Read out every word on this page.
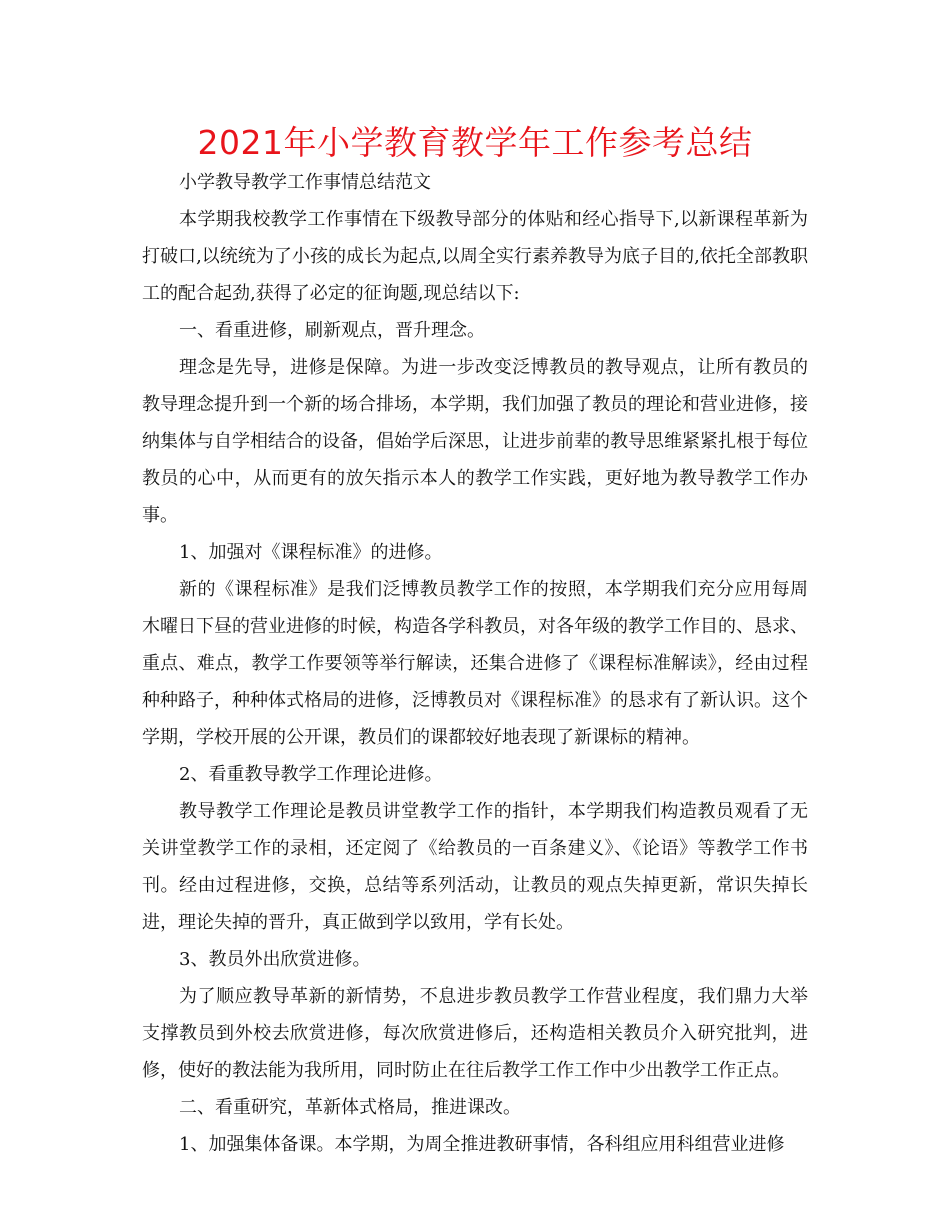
2021年小学教育教学年工作参考总结

小学教导教学工作事情总结范文

本学期我校教学工作事情在下级教导部分的体贴和经心指导下,以新课程革新为打破口,以统统为了小孩的成长为起点,以周全实行素养教导为底子目的,依托全部教职工的配合起劲,获得了必定的征询题,现总结以下:

一、看重进修，刷新观点，晋升理念。

理念是先导，进修是保障。为进一步改变泛博教员的教导观点，让所有教员的教导理念提升到一个新的场合排场，本学期，我们加强了教员的理论和营业进修，接纳集体与自学相结合的设备，倡始学后深思，让进步前辈的教导思维紧紧扎根于每位教员的心中，从而更有的放矢指示本人的教学工作实践，更好地为教导教学工作办事。

1、加强对《课程标准》的进修。

新的《课程标准》是我们泛博教员教学工作的按照，本学期我们充分应用每周木曜日下昼的营业进修的时候，构造各学科教员，对各年级的教学工作目的、恳求、重点、难点，教学工作要领等举行解读，还集合进修了《课程标准解读》，经由过程种种路子，种种体式格局的进修，泛博教员对《课程标准》的恳求有了新认识。这个学期，学校开展的公开课，教员们的课都较好地表现了新课标的精神。

2、看重教导教学工作理论进修。

教导教学工作理论是教员讲堂教学工作的指针，本学期我们构造教员观看了无关讲堂教学工作的录相，还定阅了《给教员的一百条建义》、《论语》等教学工作书刊。经由过程进修，交换，总结等系列活动，让教员的观点失掉更新，常识失掉长进，理论失掉的晋升，真正做到学以致用，学有长处。

3、教员外出欣赏进修。

为了顺应教导革新的新情势，不息进步教员教学工作营业程度，我们鼎力大举支撑教员到外校去欣赏进修，每次欣赏进修后，还构造相关教员介入研究批判，进修，使好的教法能为我所用，同时防止在往后教学工作工作中少出教学工作正点。

二、看重研究，革新体式格局，推进课改。

1、加强集体备课。本学期，为周全推进教研事情，各科组应用科组营业进修
